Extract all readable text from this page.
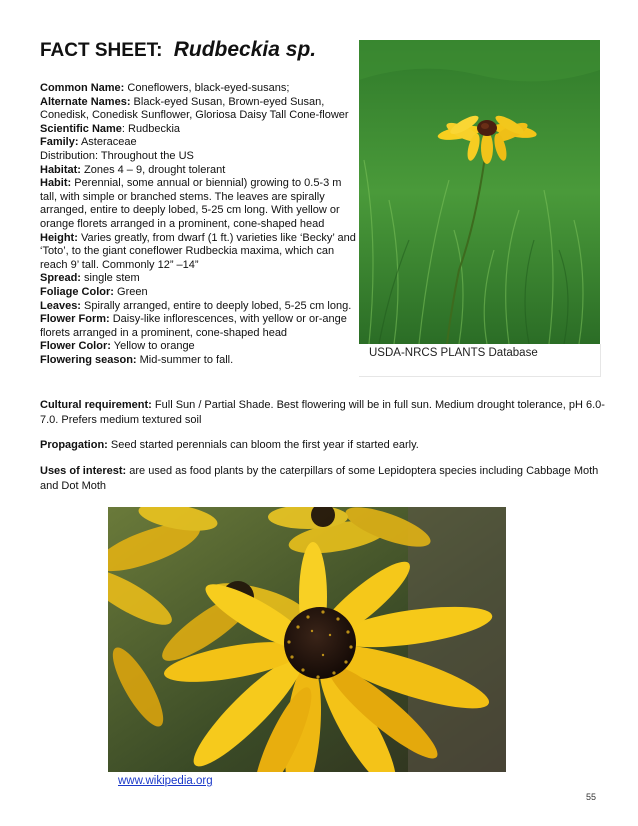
FACT SHEET: Rudbeckia sp.

Common Name: Coneflowers, black-eyed-susans;

Alternate Names: Black-eyed Susan, Brown-eyed Susan, Conedisk, Conedisk Sunflower, Gloriosa Daisy Tall Cone-flower

Scientific Name: Rudbeckia

Family: Asteraceae

Distribution: Throughout the US

Habitat: Zones 4 – 9, drought tolerant

Habit: Perennial, some annual or biennial) growing to 0.5-3 m tall, with simple or branched stems. The leaves are spirally arranged, entire to deeply lobed, 5-25 cm long. With yellow or orange florets arranged in a prominent, cone-shaped head

Height: Varies greatly, from dwarf (1 ft.) varieties like ‘Becky’ and ‘Toto’, to the giant coneflower Rudbeckia maxima, which can reach 9’ tall. Commonly 12” –14”

Spread: single stem

Foliage Color: Green

Leaves: Spirally arranged, entire to deeply lobed, 5-25 cm long.

Flower Form: Daisy-like inflorescences, with yellow or or-ange florets arranged in a prominent, cone-shaped head

Flower Color: Yellow to orange

Flowering season: Mid-summer to fall.

USDA-NRCS PLANTS Database

Cultural requirement: Full Sun / Partial Shade. Best flowering will be in full sun. Medium drought tolerance, pH 6.0-7.0. Prefers medium textured soil

Propagation: Seed started perennials can bloom the first year if started early.

Uses of interest: are used as food plants by the caterpillars of some Lepidoptera species including Cabbage Moth and Dot Moth

www.wikipedia.org
55
